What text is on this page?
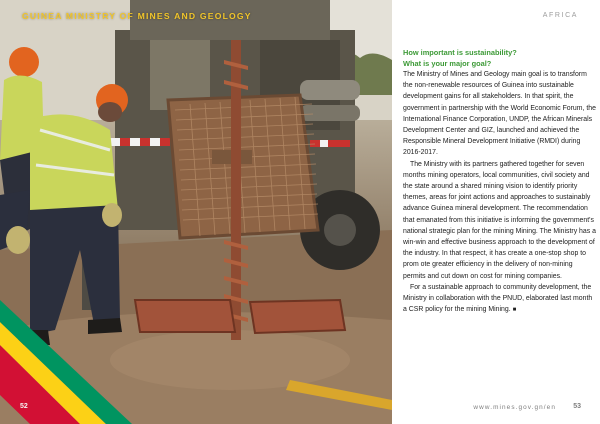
GUINEA MINISTRY OF MINES AND GEOLOGY
52
AFRICA
How important is sustainability?
What is your major goal?

The Ministry of Mines and Geology main goal is to transform the non-renewable resources of Guinea into sustainable development gains for all stakeholders. In that spirit, the government in partnership with the World Economic Forum, the International Finance Corporation, UNDP, the African Minerals Development Center and GIZ, launched and achieved the Responsible Mineral Development Initiative (RMDI) during 2016-2017.

The Ministry with its partners gathered together for seven months mining operators, local communities, civil society and the state around a shared mining vision to identify priority themes, areas for joint actions and approaches to sustainably advance Guinea mineral development. The recommendation that emanated from this initiative is informing the government's national strategic plan for the mining Mining. The Ministry has a win-win and effective business approach to the development of the industry. In that respect, it has create a one-stop shop to prom ote greater efficiency in the delivery of non-mining permits and cut down on cost for mining companies.

For a sustainable approach to community development, the Ministry in collaboration with the PNUD, elaborated last month a CSR policy for the mining Mining. ■

www.mines.gov.gn/en 53
